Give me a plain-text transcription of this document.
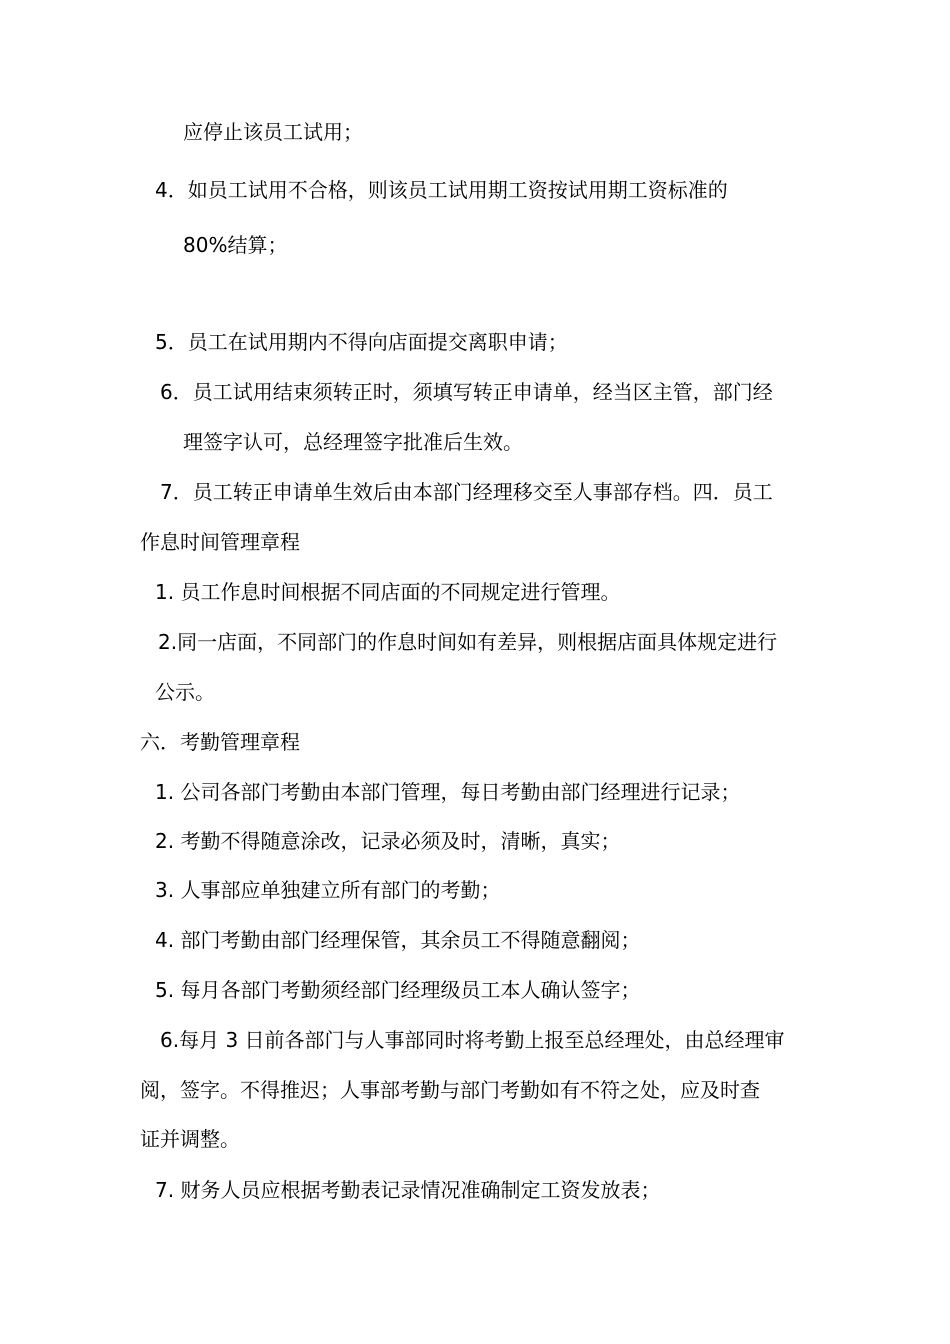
应停止该员工试用；
4．如员工试用不合格，则该员工试用期工资按试用期工资标准的
80%结算；
5．员工在试用期内不得向店面提交离职申请；
6．员工试用结束须转正时，须填写转正申请单，经当区主管，部门经
理签字认可，总经理签字批准后生效。
7．员工转正申请单生效后由本部门经理移交至人事部存档。四．员工
作息时间管理章程
1. 员工作息时间根据不同店面的不同规定进行管理。
2.同一店面，不同部门的作息时间如有差异，则根据店面具体规定进行
公示。
六．考勤管理章程
1. 公司各部门考勤由本部门管理，每日考勤由部门经理进行记录；
2. 考勤不得随意涂改，记录必须及时，清晰，真实；
3. 人事部应单独建立所有部门的考勤；
4. 部门考勤由部门经理保管，其余员工不得随意翻阅；
5. 每月各部门考勤须经部门经理级员工本人确认签字；
6.每月 3 日前各部门与人事部同时将考勤上报至总经理处，由总经理审
阅，签字。不得推迟；人事部考勤与部门考勤如有不符之处，应及时查
证并调整。
7. 财务人员应根据考勤表记录情况准确制定工资发放表；
